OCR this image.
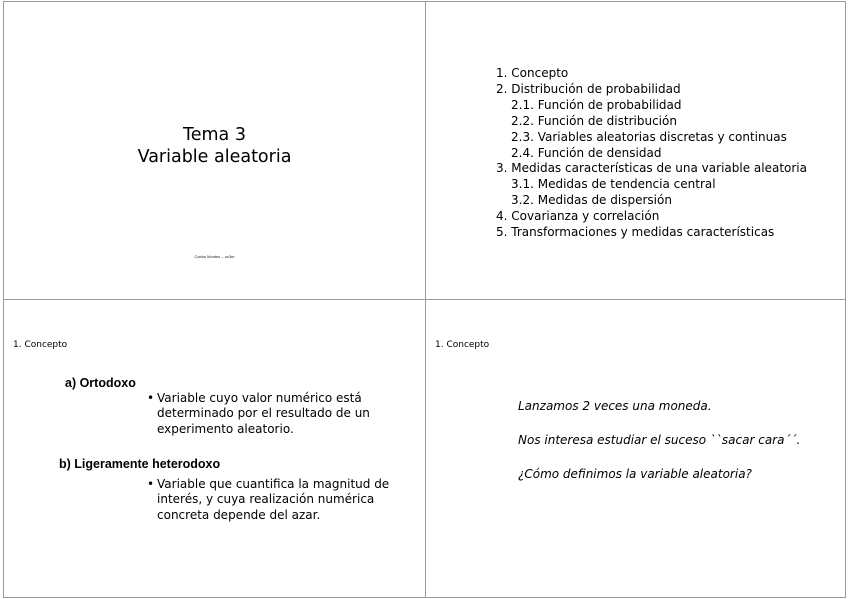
Tema 3
Variable aleatoria
Carlos Montes – uc3m
1. Concepto
2. Distribución de probabilidad
2.1. Función de probabilidad
2.2. Función de distribución
2.3. Variables aleatorias discretas y continuas
2.4. Función de densidad
3. Medidas características de una variable aleatoria
3.1. Medidas de tendencia central
3.2. Medidas de dispersión
4. Covarianza y correlación
5. Transformaciones y medidas características
1. Concepto
a) Ortodoxo
• Variable cuyo valor numérico está determinado por el resultado de un experimento aleatorio.
b) Ligeramente heterodoxo
• Variable que cuantifica la magnitud de interés, y cuya realización numérica concreta depende del azar.
1. Concepto
Lanzamos 2 veces una moneda.
Nos interesa estudiar el suceso ``sacar cara´´.
¿Cómo definimos la variable aleatoria?
